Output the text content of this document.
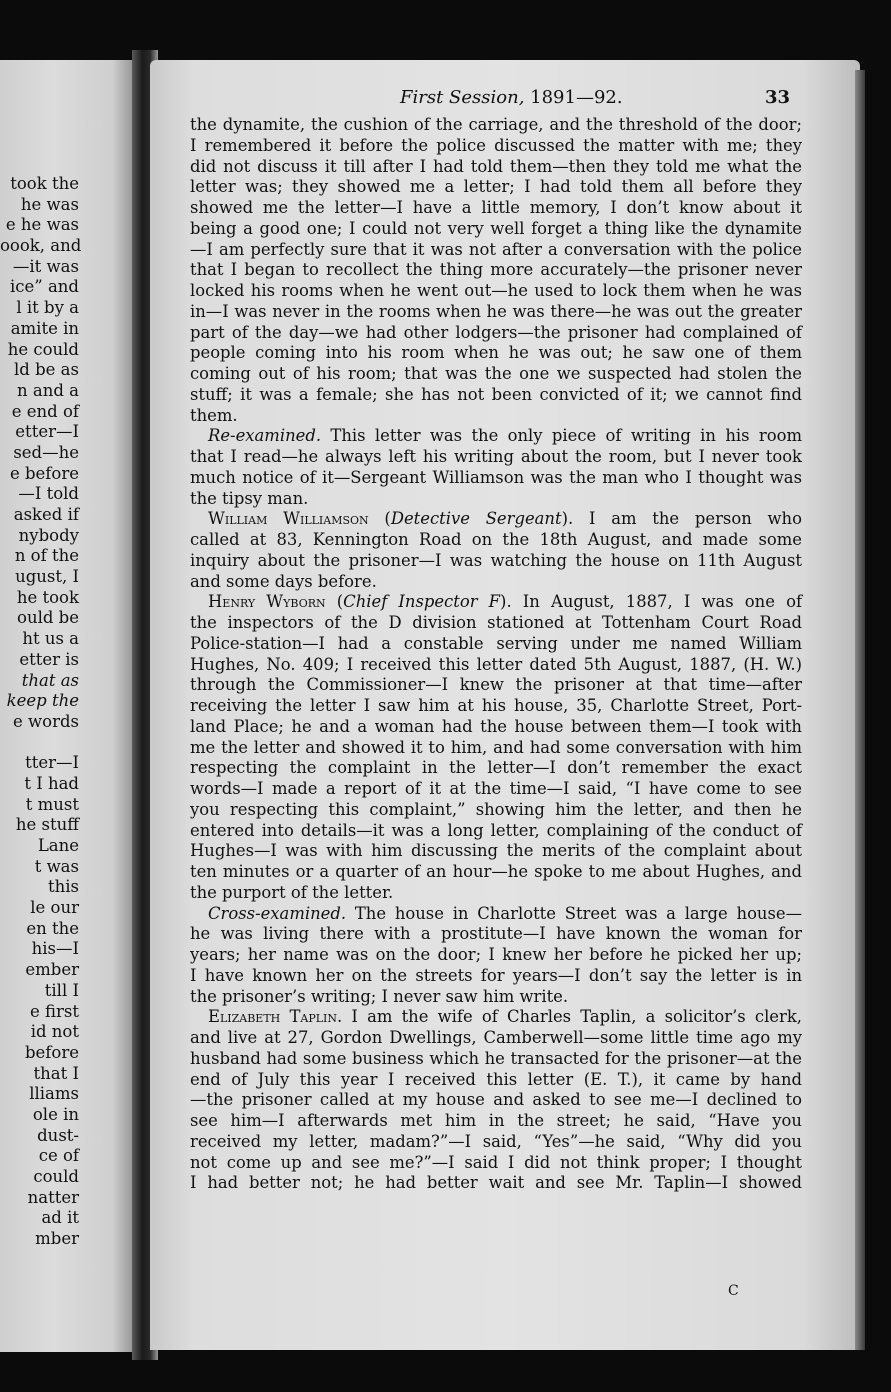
took the
he was
e he was
oook, and
—it was
ice” and
l it by a
amite in
he could
ld be as
n and a
e end of
etter—I
sed—he
e before
—I told
asked if
nybody
n of the
ugust, I
he took
ould be
ht us a
etter is
that as
keep the
e words
tter—I
t I had
t must
he stuff
Lane
t was
this
le our
en the
his—I
ember
till I
e first
id not
before
that I
lliams
ole in
dust-
ce of
could
natter
ad it
mber
First Session, 1891—92.	33
the dynamite, the cushion of the carriage, and the threshold of the door;
I remembered it before the police discussed the matter with me; they
did not discuss it till after I had told them—then they told me what the
letter was; they showed me a letter; I had told them all before they
showed me the letter—I have a little memory, I don’t know about it
being a good one; I could not very well forget a thing like the dynamite
—I am perfectly sure that it was not after a conversation with the police
that I began to recollect the thing more accurately—the prisoner never
locked his rooms when he went out—he used to lock them when he was
in—I was never in the rooms when he was there—he was out the greater
part of the day—we had other lodgers—the prisoner had complained of
people coming into his room when he was out; he saw one of them
coming out of his room; that was the one we suspected had stolen the
stuff; it was a female; she has not been convicted of it; we cannot find
them.
Re-examined. This letter was the only piece of writing in his room
that I read—he always left his writing about the room, but I never took
much notice of it—Sergeant Williamson was the man who I thought was
the tipsy man.
William Williamson (Detective Sergeant). I am the person who
called at 83, Kennington Road on the 18th August, and made some
inquiry about the prisoner—I was watching the house on 11th August
and some days before.
Henry Wyborn (Chief Inspector F). In August, 1887, I was one of
the inspectors of the D division stationed at Tottenham Court Road
Police-station—I had a constable serving under me named William
Hughes, No. 409; I received this letter dated 5th August, 1887, (H. W.)
through the Commissioner—I knew the prisoner at that time—after
receiving the letter I saw him at his house, 35, Charlotte Street, Port-
land Place; he and a woman had the house between them—I took with
me the letter and showed it to him, and had some conversation with him
respecting the complaint in the letter—I don’t remember the exact
words—I made a report of it at the time—I said, “I have come to see
you respecting this complaint,” showing him the letter, and then he
entered into details—it was a long letter, complaining of the conduct of
Hughes—I was with him discussing the merits of the complaint about
ten minutes or a quarter of an hour—he spoke to me about Hughes, and
the purport of the letter.
Cross-examined. The house in Charlotte Street was a large house—
he was living there with a prostitute—I have known the woman for
years; her name was on the door; I knew her before he picked her up;
I have known her on the streets for years—I don’t say the letter is in
the prisoner’s writing; I never saw him write.
Elizabeth Taplin. I am the wife of Charles Taplin, a solicitor’s clerk,
and live at 27, Gordon Dwellings, Camberwell—some little time ago my
husband had some business which he transacted for the prisoner—at the
end of July this year I received this letter (E. T.), it came by hand
—the prisoner called at my house and asked to see me—I declined to
see him—I afterwards met him in the street; he said, “Have you
received my letter, madam?”—I said, “Yes”—he said, “Why did you
not come up and see me?”—I said I did not think proper; I thought
I had better not; he had better wait and see Mr. Taplin—I showed
C
